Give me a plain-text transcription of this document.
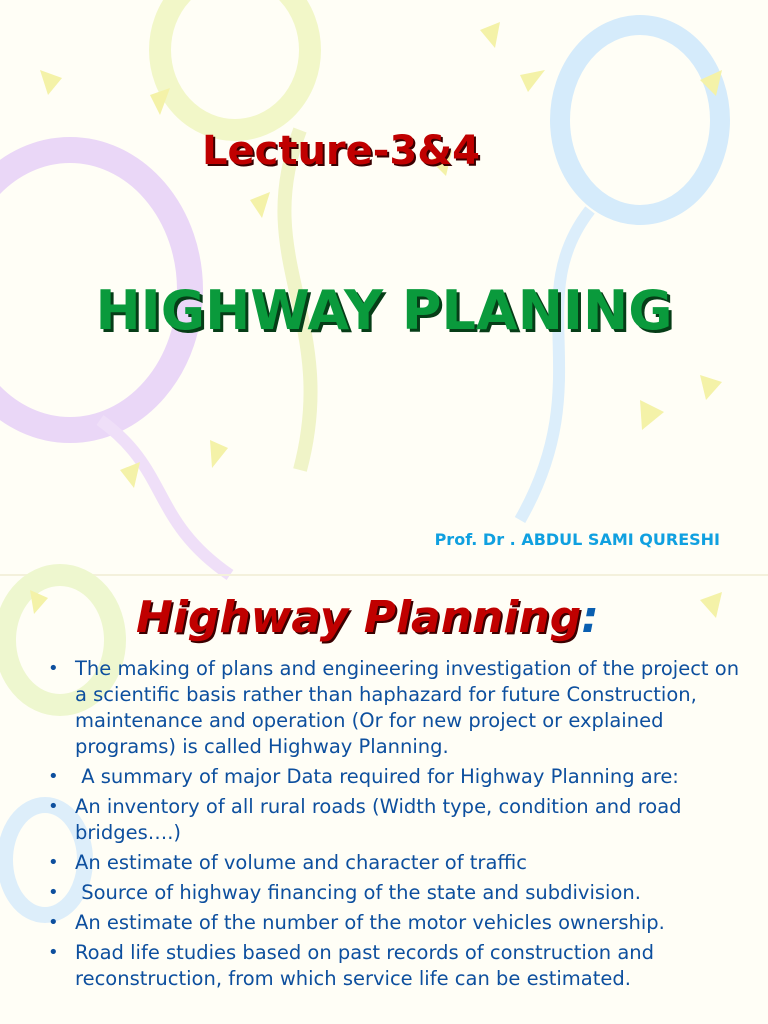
Lecture-3&4
HIGHWAY PLANING
Prof. Dr . ABDUL SAMI QURESHI
Highway Planning:
• The making of plans and engineering investigation of the project on a scientific basis rather than haphazard for future Construction, maintenance and operation (Or for new project or explained programs) is called Highway Planning.
• A summary of major Data required for Highway Planning are:
• An inventory of all rural roads (Width type, condition and road bridges….)
• An estimate of volume and character of traffic
• Source of highway financing of the state and subdivision.
• An estimate of the number of the motor vehicles ownership.
• Road life studies based on past records of construction and reconstruction, from which service life can be estimated.
